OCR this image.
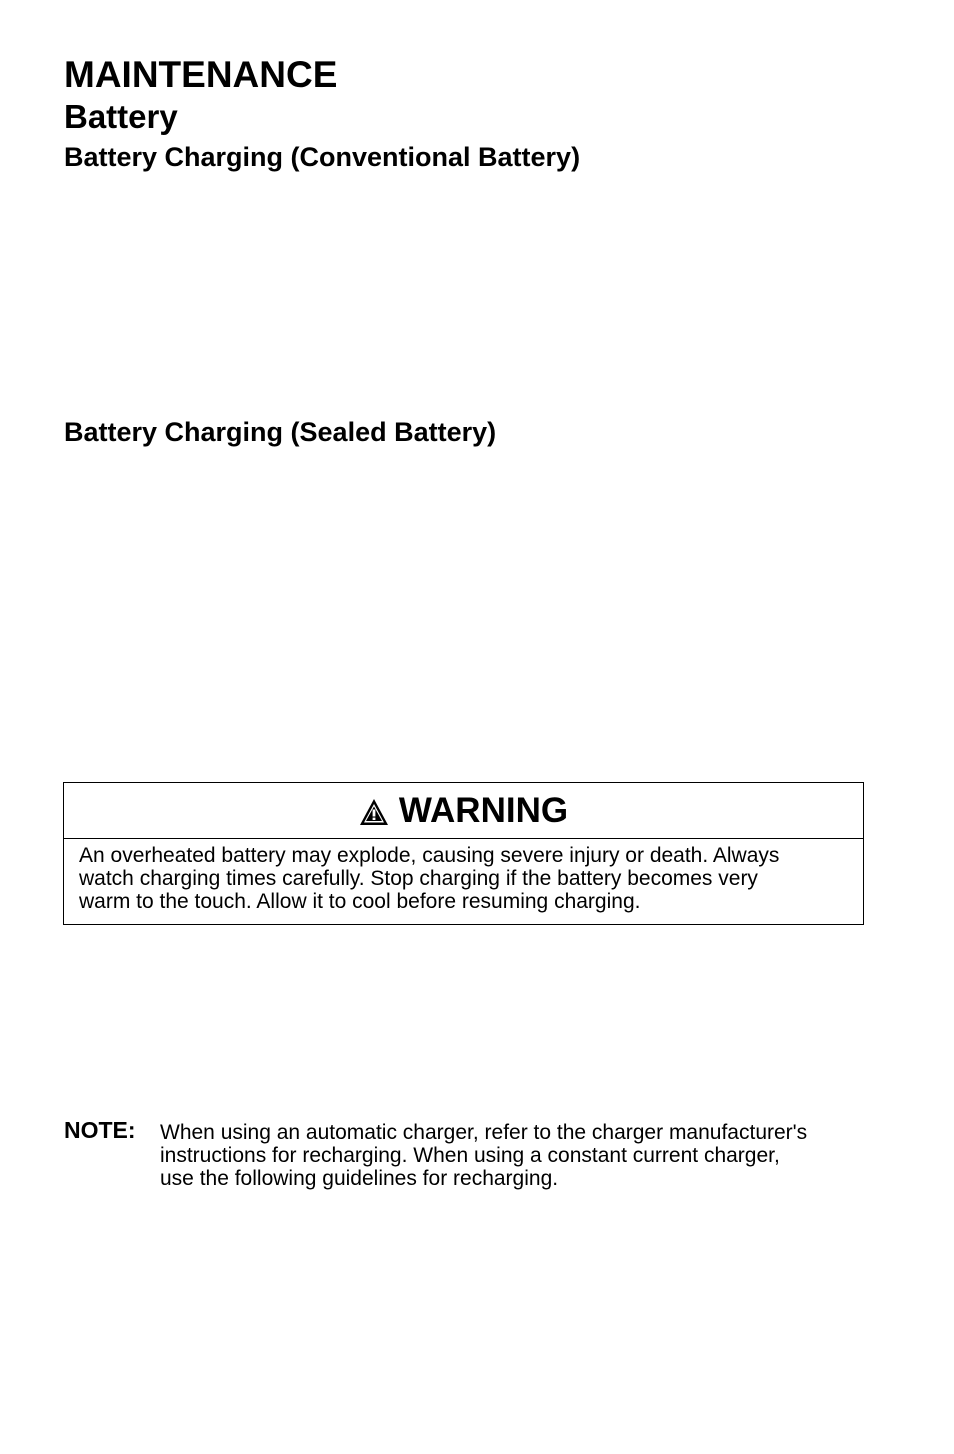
MAINTENANCE
Battery
Battery Charging (Conventional Battery)
Battery Charging (Sealed Battery)
WARNING

An overheated battery may explode, causing severe injury or death. Always

watch charging times carefully. Stop charging if the battery becomes very

warm to the touch. Allow it to cool before resuming charging.

NOTE: When using an automatic charger, refer to the charger manufacturer's

instructions for recharging. When using a constant current charger,

use the following guidelines for recharging.
